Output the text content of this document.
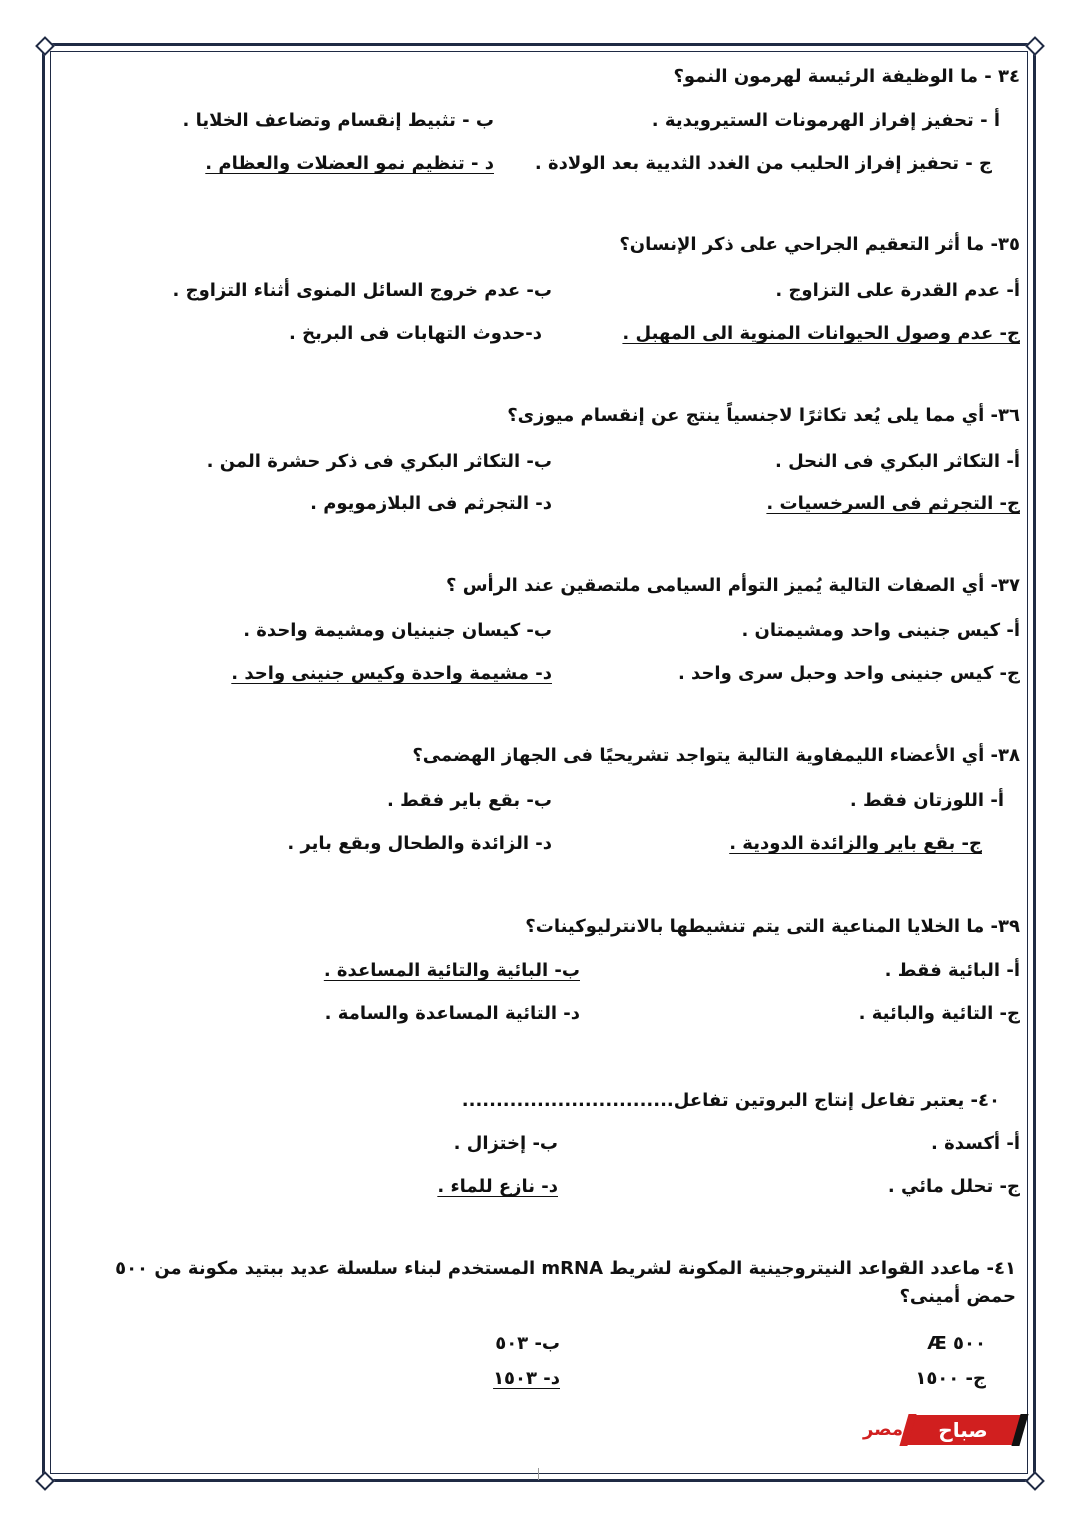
٣٤ - ما الوظيفة الرئيسة لهرمون النمو؟
أ - تحفيز إفراز الهرمونات الستيرويدية .
ب - تثبيط إنقسام وتضاعف الخلايا .
ج - تحفيز إفراز الحليب من الغدد الثديية بعد الولادة .
د - تنظيم نمو العضلات والعظام .
٣٥- ما أثر التعقيم الجراحي على ذكر الإنسان؟
أ- عدم القدرة على التزاوج .
ب- عدم خروج السائل المنوى أثناء التزاوج .
ج- عدم وصول الحيوانات المنوية الى المهبل .
د-حدوث التهابات فى البربخ .
٣٦- أي مما يلى يُعد تكاثرًا لاجنسياً ينتج عن إنقسام ميوزى؟
أ- التكاثر البكري فى النحل .
ب- التكاثر البكري فى ذكر حشرة المن .
ج- التجرثم فى السرخسيات .
د- التجرثم فى البلازمويوم .
٣٧- أي الصفات التالية يُميز التوأم السيامى ملتصقين عند الرأس ؟
أ- كيس جنينى واحد ومشيمتان .
ب- كيسان جنينيان ومشيمة واحدة .
ج- كيس جنينى واحد وحبل سرى واحد .
د- مشيمة واحدة وكيس جنينى واحد .
٣٨- أي الأعضاء الليمفاوية التالية يتواجد تشريحيًا فى الجهاز الهضمى؟
أ- اللوزتان فقط .
ب- بقع باير فقط .
ج- بقع باير والزائدة الدودية .
د- الزائدة والطحال وبقع باير .
٣٩- ما الخلايا المناعية التى يتم تنشيطها بالانترليوكينات؟
أ- البائية فقط .
ب- البائية والتائية المساعدة .
ج- التائية والبائية .
د- التائية المساعدة والسامة .
٤٠- يعتبر تفاعل إنتاج البروتين تفاعل...............................
أ- أكسدة .
ب- إختزال .
ج- تحلل مائي .
د- نازع للماء .
٤١- ماعدد القواعد النيتروجينية المكونة لشريط mRNA المستخدم لبناء سلسلة عديد ببتيد مكونة من ٥٠٠ حمض أمينى؟
٥٠٠ Æ
ب- ٥٠٣
ج- ١٥٠٠
د- ١٥٠٣
صباح
مصر
